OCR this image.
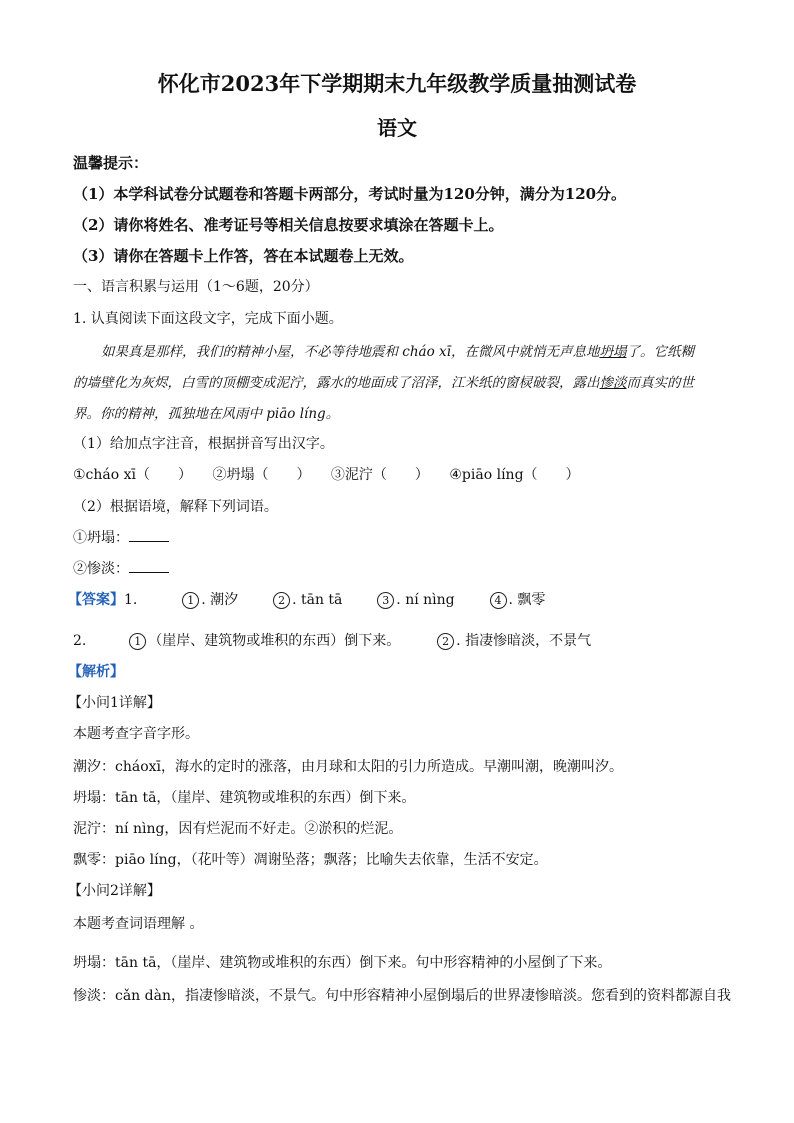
怀化市2023年下学期期末九年级教学质量抽测试卷
语文
温馨提示：
（1）本学科试卷分试题卷和答题卡两部分，考试时量为120分钟，满分为120分。
（2）请你将姓名、准考证号等相关信息按要求填涂在答题卡上。
（3）请你在答题卡上作答，答在本试题卷上无效。
一、语言积累与运用（1～6题，20分）
1. 认真阅读下面这段文字，完成下面小题。
如果真是那样，我们的精神小屋，不必等待地震和 cháo xī，在微风中就悄无声息地坍塌了。它纸糊
的墙壁化为灰烬，白雪的顶棚变成泥泞，露水的地面成了沼泽，江米纸的窗棂破裂，露出惨淡而真实的世
界。你的精神，孤独地在风雨中 piāo líng。
（1）给加点字注音，根据拼音写出汉字。
①cháo xī（　　） ②坍塌（　　） ③泥泞（　　） ④piāo líng（　　）
（2）根据语境，解释下列词语。
①坍塌：
②惨淡：
【答案】1.	1 . 潮汐	2 . tān tā	3 . ní nìng	4 . 飘零
2.	1 （崖岸、建筑物或堆积的东西）倒下来。	2 . 指凄惨暗淡，不景气
【解析】
【小问1详解】
本题考查字音字形。
潮汐：cháoxī，海水的定时的涨落，由月球和太阳的引力所造成。早潮叫潮，晚潮叫汐。
坍塌：tān tā，（崖岸、建筑物或堆积的东西）倒下来。
泥泞：ní nìng，因有烂泥而不好走。②淤积的烂泥。
飘零：piāo líng，（花叶等）凋谢坠落；飘落；比喻失去依靠，生活不安定。
【小问2详解】
本题考查词语理解 。
坍塌：tān tā，（崖岸、建筑物或堆积的东西）倒下来。句中形容精神的小屋倒了下来。
惨淡：cǎn dàn，指凄惨暗淡，不景气。句中形容精神小屋倒塌后的世界凄惨暗淡。您看到的资料都源自我
